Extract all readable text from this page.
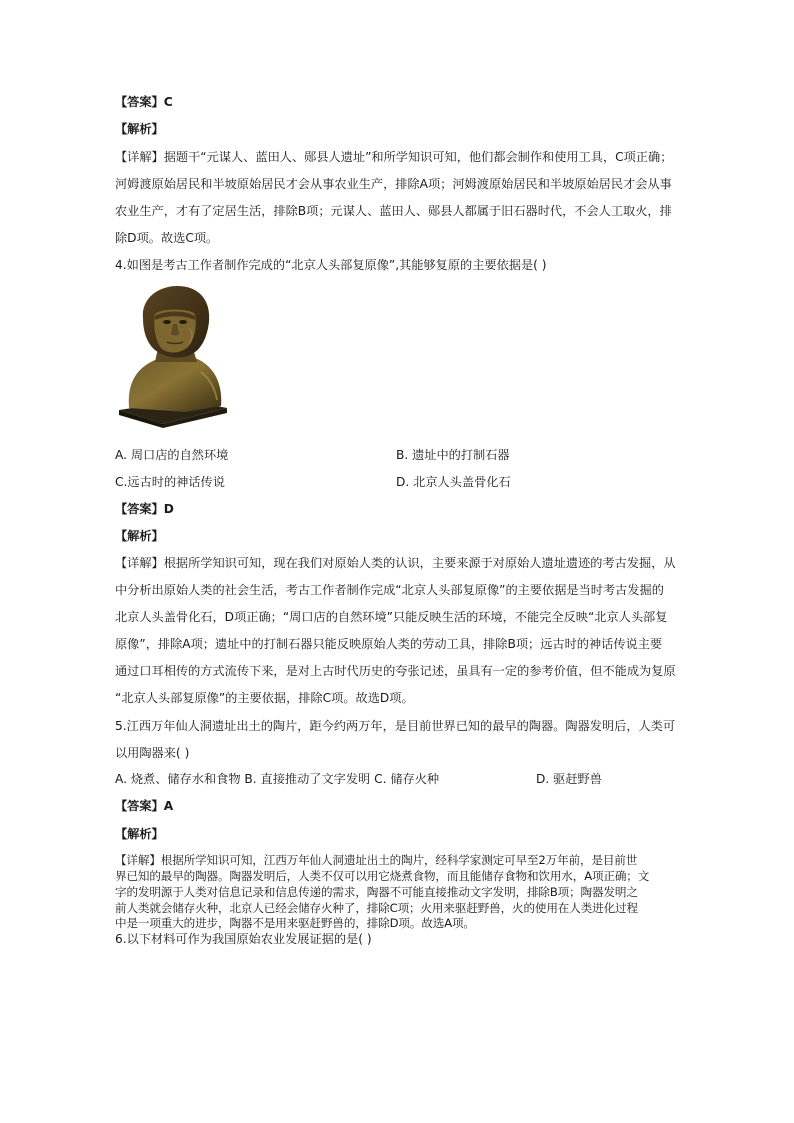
【答案】C
【解析】
【详解】据题干“元谋人、蓝田人、郧县人遗址”和所学知识可知，他们都会制作和使用工具，C项正确；
河姆渡原始居民和半坡原始居民才会从事农业生产，排除A项；河姆渡原始居民和半坡原始居民才会从事
农业生产，才有了定居生活，排除B项；元谋人、蓝田人、郧县人都属于旧石器时代，不会人工取火，排
除D项。故选C项。
4.如图是考古工作者制作完成的“北京人头部复原像”,其能够复原的主要依据是( )
A. 周口店的自然环境	B. 遗址中的打制石器
C.远古时的神话传说	D. 北京人头盖骨化石
【答案】D
【解析】
【详解】根据所学知识可知，现在我们对原始人类的认识，主要来源于对原始人遗址遗迹的考古发掘，从
中分析出原始人类的社会生活，考古工作者制作完成“北京人头部复原像”的主要依据是当时考古发掘的
北京人头盖骨化石，D项正确；“周口店的自然环境”只能反映生活的环境，不能完全反映“北京人头部复
原像”，排除A项；遗址中的打制石器只能反映原始人类的劳动工具，排除B项；远古时的神话传说主要
通过口耳相传的方式流传下来，是对上古时代历史的夸张记述，虽具有一定的参考价值，但不能成为复原
“北京人头部复原像”的主要依据，排除C项。故选D项。
5.江西万年仙人洞遗址出土的陶片，距今约两万年，是目前世界已知的最早的陶器。陶器发明后，人类可
以用陶器来( )
A. 烧煮、储存水和食物 B. 直接推动了文字发明 C. 储存火种	D. 驱赶野兽
【答案】A
【解析】
【详解】根据所学知识可知，江西万年仙人洞遗址出土的陶片，经科学家测定可早至2万年前，是目前世
界已知的最早的陶器。陶器发明后，人类不仅可以用它烧煮食物，而且能储存食物和饮用水，A项正确；文
字的发明源于人类对信息记录和信息传递的需求，陶器不可能直接推动文字发明，排除B项；陶器发明之
前人类就会储存火种，北京人已经会储存火种了，排除C项；火用来驱赶野兽，火的使用在人类进化过程
中是一项重大的进步，陶器不是用来驱赶野兽的，排除D项。故选A项。
6.以下材料可作为我国原始农业发展证据的是( )
